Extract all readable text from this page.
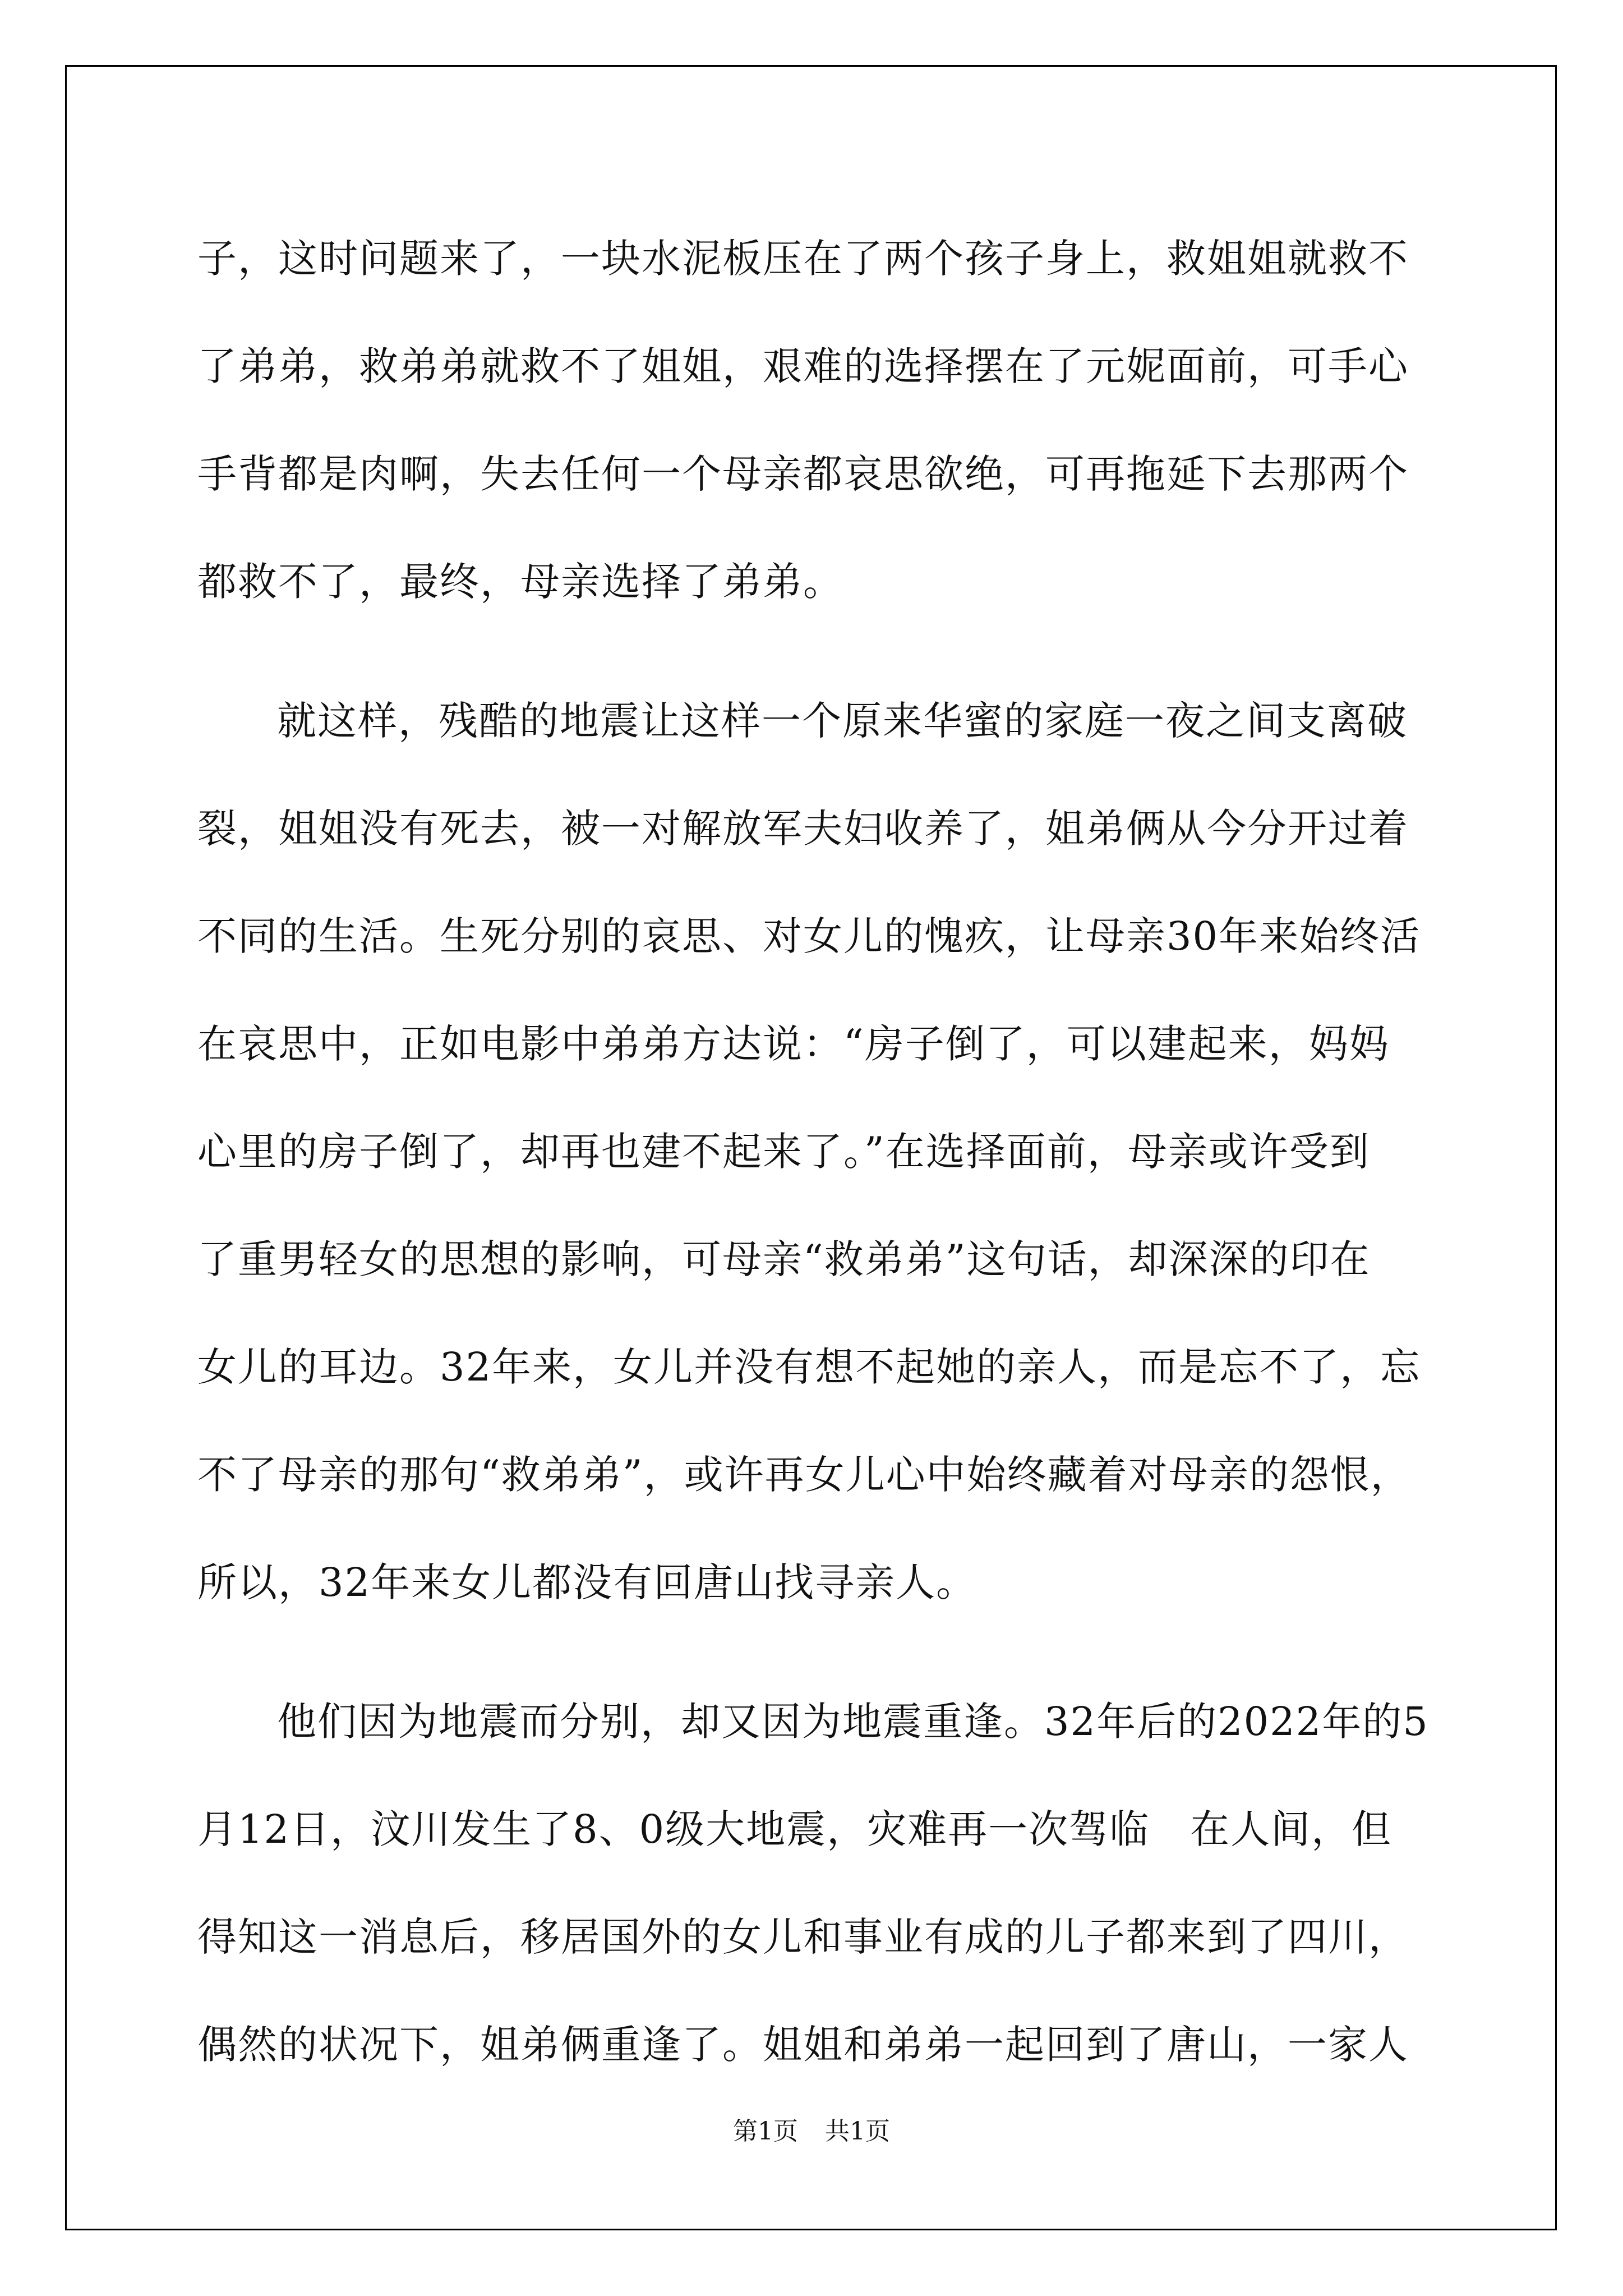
子，这时问题来了，一块水泥板压在了两个孩子身上，救姐姐就救不
了弟弟，救弟弟就救不了姐姐，艰难的选择摆在了元妮面前，可手心
手背都是肉啊，失去任何一个母亲都哀思欲绝，可再拖延下去那两个
都救不了，最终，母亲选择了弟弟。
就这样，残酷的地震让这样一个原来华蜜的家庭一夜之间支离破
裂，姐姐没有死去，被一对解放军夫妇收养了，姐弟俩从今分开过着
不同的生活。生死分别的哀思、对女儿的愧疚，让母亲30年来始终活
在哀思中，正如电影中弟弟方达说：“房子倒了，可以建起来，妈妈
心里的房子倒了，却再也建不起来了。”在选择面前，母亲或许受到
了重男轻女的思想的影响，可母亲“救弟弟”这句话，却深深的印在
女儿的耳边。32年来，女儿并没有想不起她的亲人，而是忘不了，忘
不了母亲的那句“救弟弟”，或许再女儿心中始终藏着对母亲的怨恨，
所以，32年来女儿都没有回唐山找寻亲人。
他们因为地震而分别，却又因为地震重逢。32年后的2022年的5
月12日，汶川发生了8、0级大地震，灾难再一次驾临　在人间，但
得知这一消息后，移居国外的女儿和事业有成的儿子都来到了四川，
偶然的状况下，姐弟俩重逢了。姐姐和弟弟一起回到了唐山，一家人
第1页 共1页
